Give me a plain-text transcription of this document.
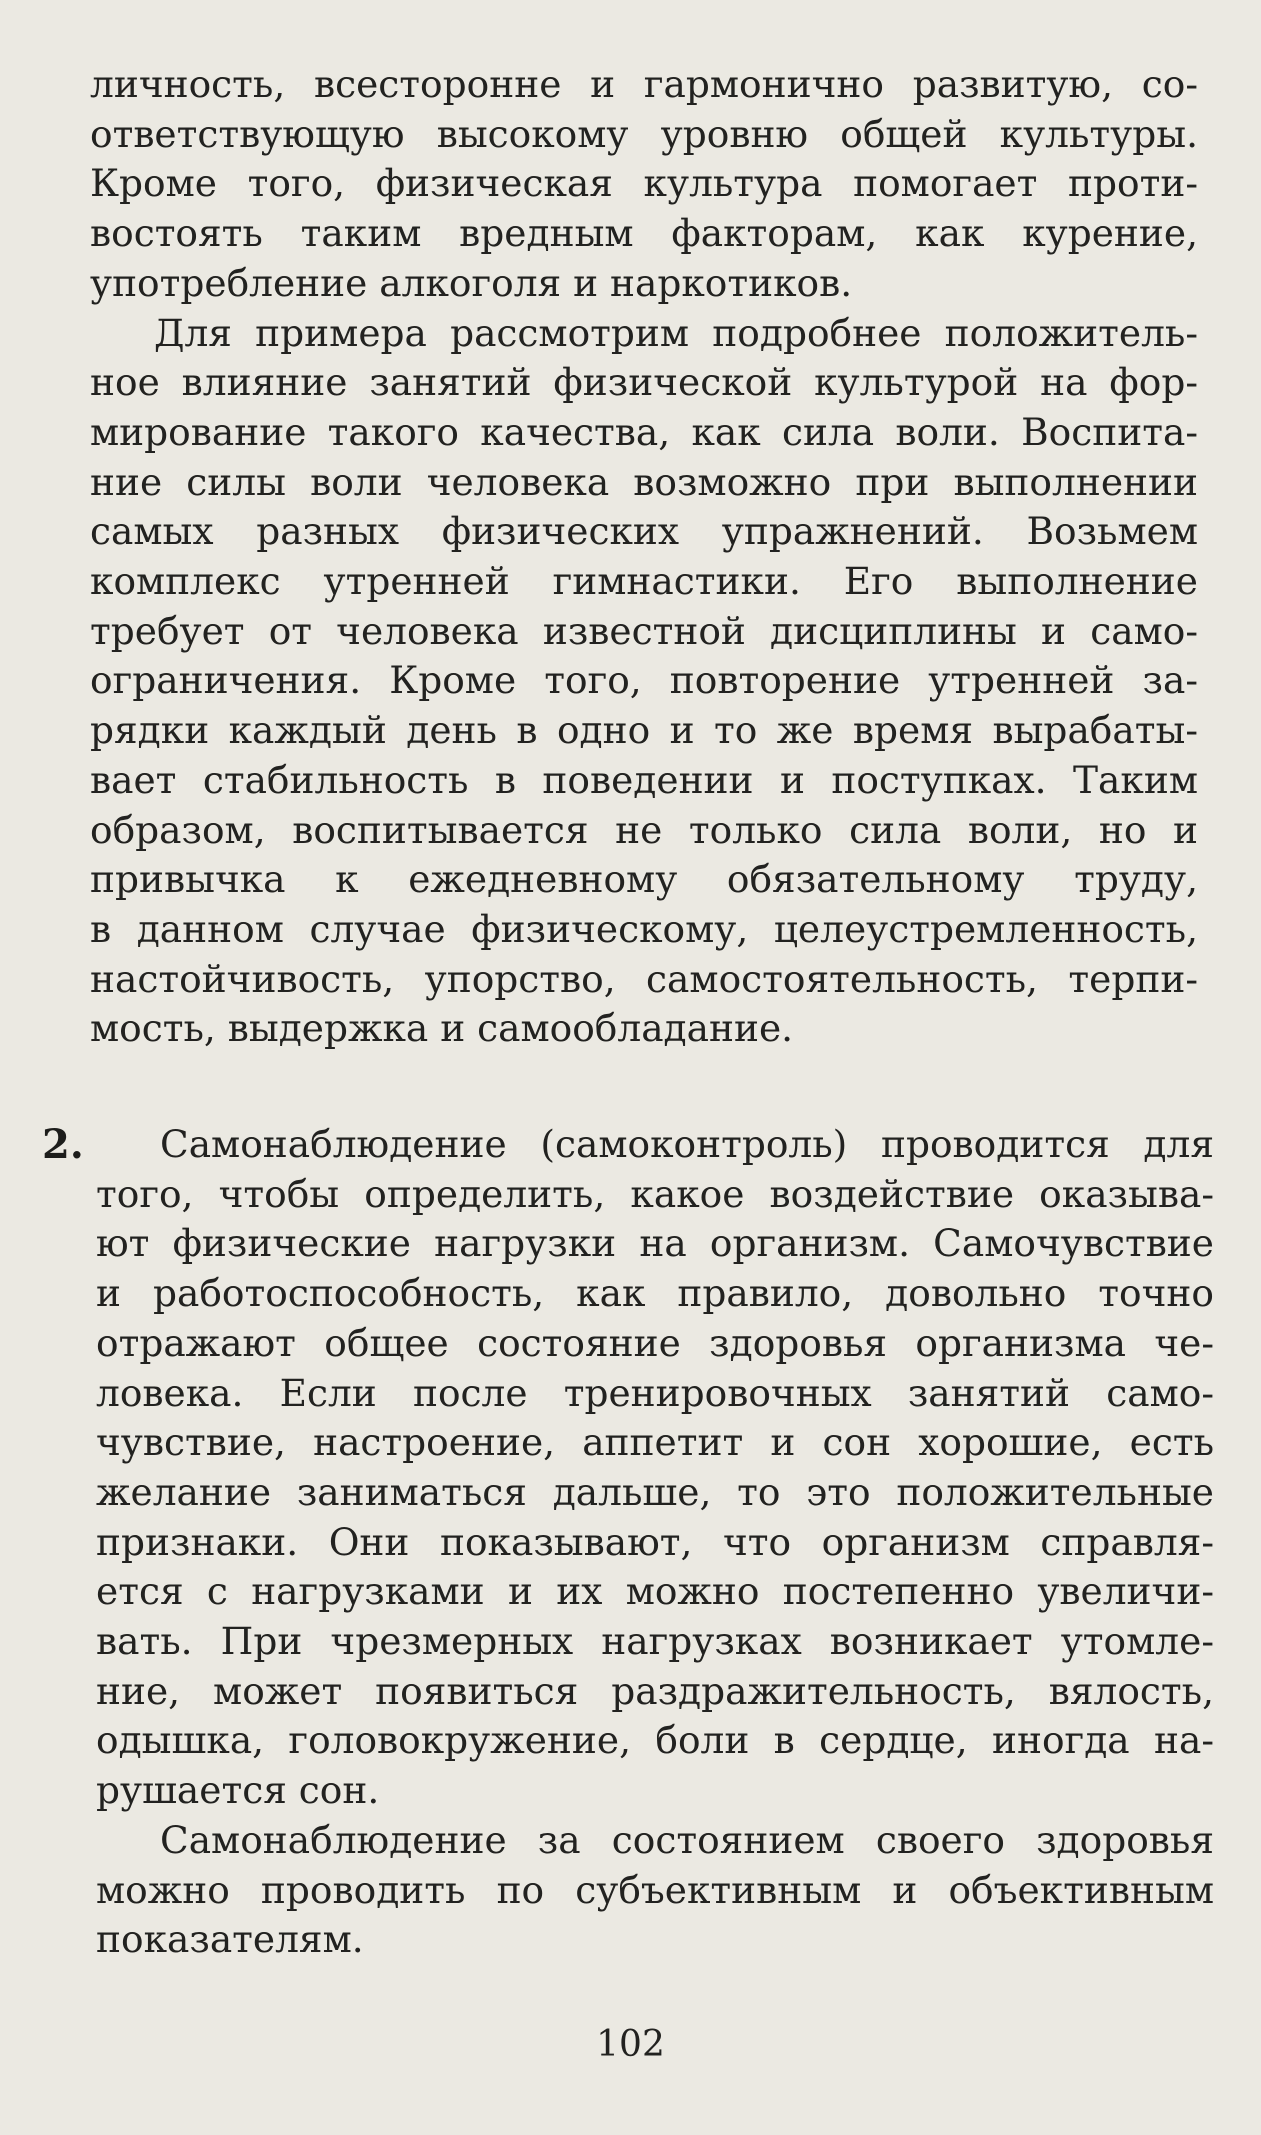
личность, всесторонне и гармонично развитую, со-
ответствующую высокому уровню общей культуры.
Кроме того, физическая культура помогает проти-
востоять таким вредным факторам, как курение,
употребление алкоголя и наркотиков.
Для примера рассмотрим подробнее положитель-
ное влияние занятий физической культурой на фор-
мирование такого качества, как сила воли. Воспита-
ние силы воли человека возможно при выполнении
самых разных физических упражнений. Возьмем
комплекс утренней гимнастики. Его выполнение
требует от человека известной дисциплины и само-
ограничения. Кроме того, повторение утренней за-
рядки каждый день в одно и то же время вырабаты-
вает стабильность в поведении и поступках. Таким
образом, воспитывается не только сила воли, но и
привычка к ежедневному обязательному труду,
в данном случае физическому, целеустремленность,
настойчивость, упорство, самостоятельность, терпи-
мость, выдержка и самообладание.
2.	Самонаблюдение (самоконтроль) проводится для
того, чтобы определить, какое воздействие оказыва-
ют физические нагрузки на организм. Самочувствие
и работоспособность, как правило, довольно точно
отражают общее состояние здоровья организма че-
ловека. Если после тренировочных занятий само-
чувствие, настроение, аппетит и сон хорошие, есть
желание заниматься дальше, то это положительные
признаки. Они показывают, что организм справля-
ется с нагрузками и их можно постепенно увеличи-
вать. При чрезмерных нагрузках возникает утомле-
ние, может появиться раздражительность, вялость,
одышка, головокружение, боли в сердце, иногда на-
рушается сон.
Самонаблюдение за состоянием своего здоровья
можно проводить по субъективным и объективным
показателям.
102
